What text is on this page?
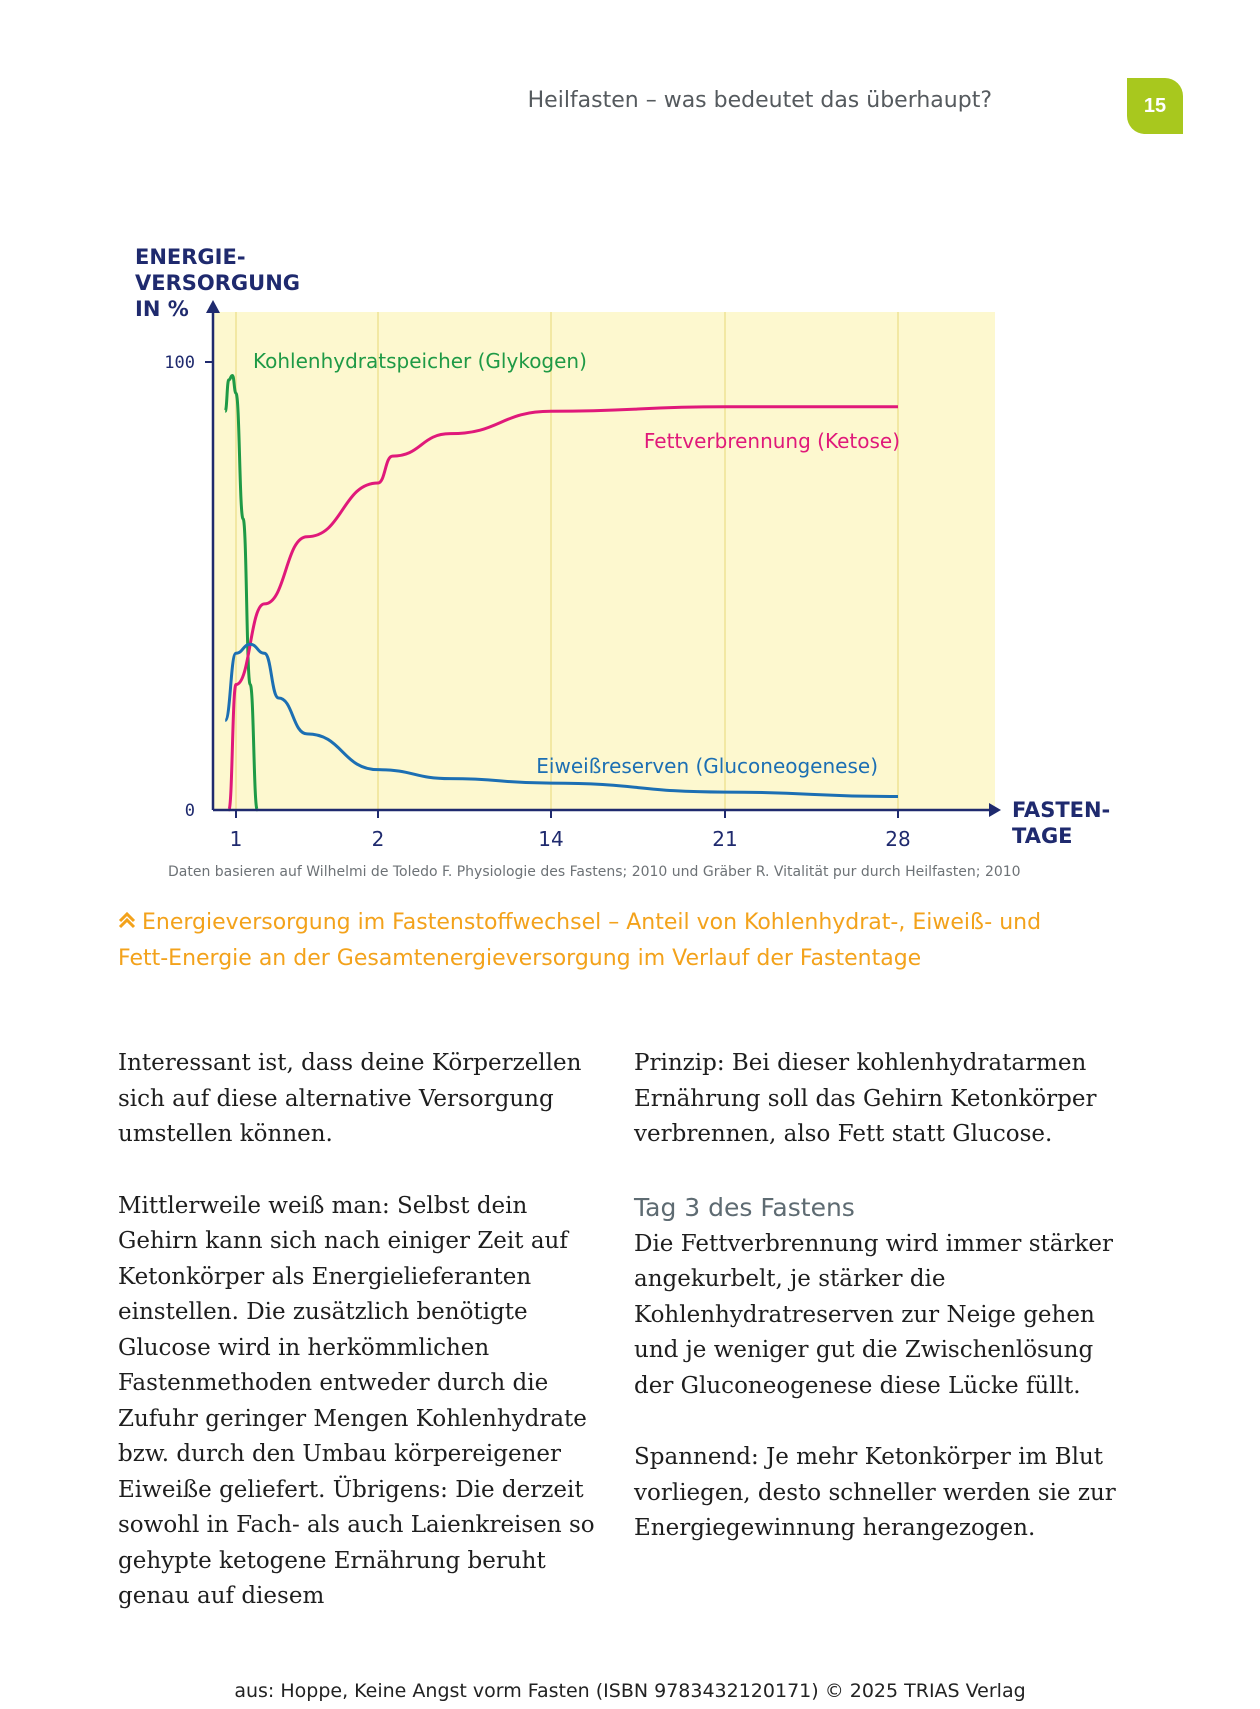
Heilfasten – was bedeutet das überhaupt?	15
ENERGIE-
VERSORGUNG
IN %
FASTEN-
TAGE
100
0
1	2	14	21	28
Kohlenhydratspeicher (Glykogen)
Fettverbrennung (Ketose)
Eiweißreserven (Gluconeogenese)
Daten basieren auf Wilhelmi de Toledo F. Physiologie des Fastens; 2010 und Gräber R. Vitalität pur durch Heilfasten; 2010
Energieversorgung im Fastenstoffwechsel – Anteil von Kohlenhydrat-, Eiweiß- und
Fett-Energie an der Gesamtenergieversorgung im Verlauf der Fastentage

Interessant ist, dass deine Körperzellen sich auf diese alternative Versorgung umstellen können.

Mittlerweile weiß man: Selbst dein Gehirn kann sich nach einiger Zeit auf Ketonkörper als Energielieferanten einstellen. Die zusätzlich benötigte Glucose wird in herkömmlichen Fastenmethoden entweder durch die Zufuhr geringer Mengen Kohlenhydrate bzw. durch den Umbau körpereigener Eiweiße geliefert. Übrigens: Die derzeit sowohl in Fach- als auch Laienkreisen so gehypte ketogene Ernährung beruht genau auf diesem

Prinzip: Bei dieser kohlenhydratarmen Ernährung soll das Gehirn Ketonkörper verbrennen, also Fett statt Glucose.

Tag 3 des Fastens

Die Fettverbrennung wird immer stärker angekurbelt, je stärker die Kohlenhydratreserven zur Neige gehen und je weniger gut die Zwischenlösung der Gluconeogenese diese Lücke füllt.

Spannend: Je mehr Ketonkörper im Blut vorliegen, desto schneller werden sie zur Energiegewinnung herangezogen.

aus: Hoppe, Keine Angst vorm Fasten (ISBN 9783432120171) © 2025 TRIAS Verlag
